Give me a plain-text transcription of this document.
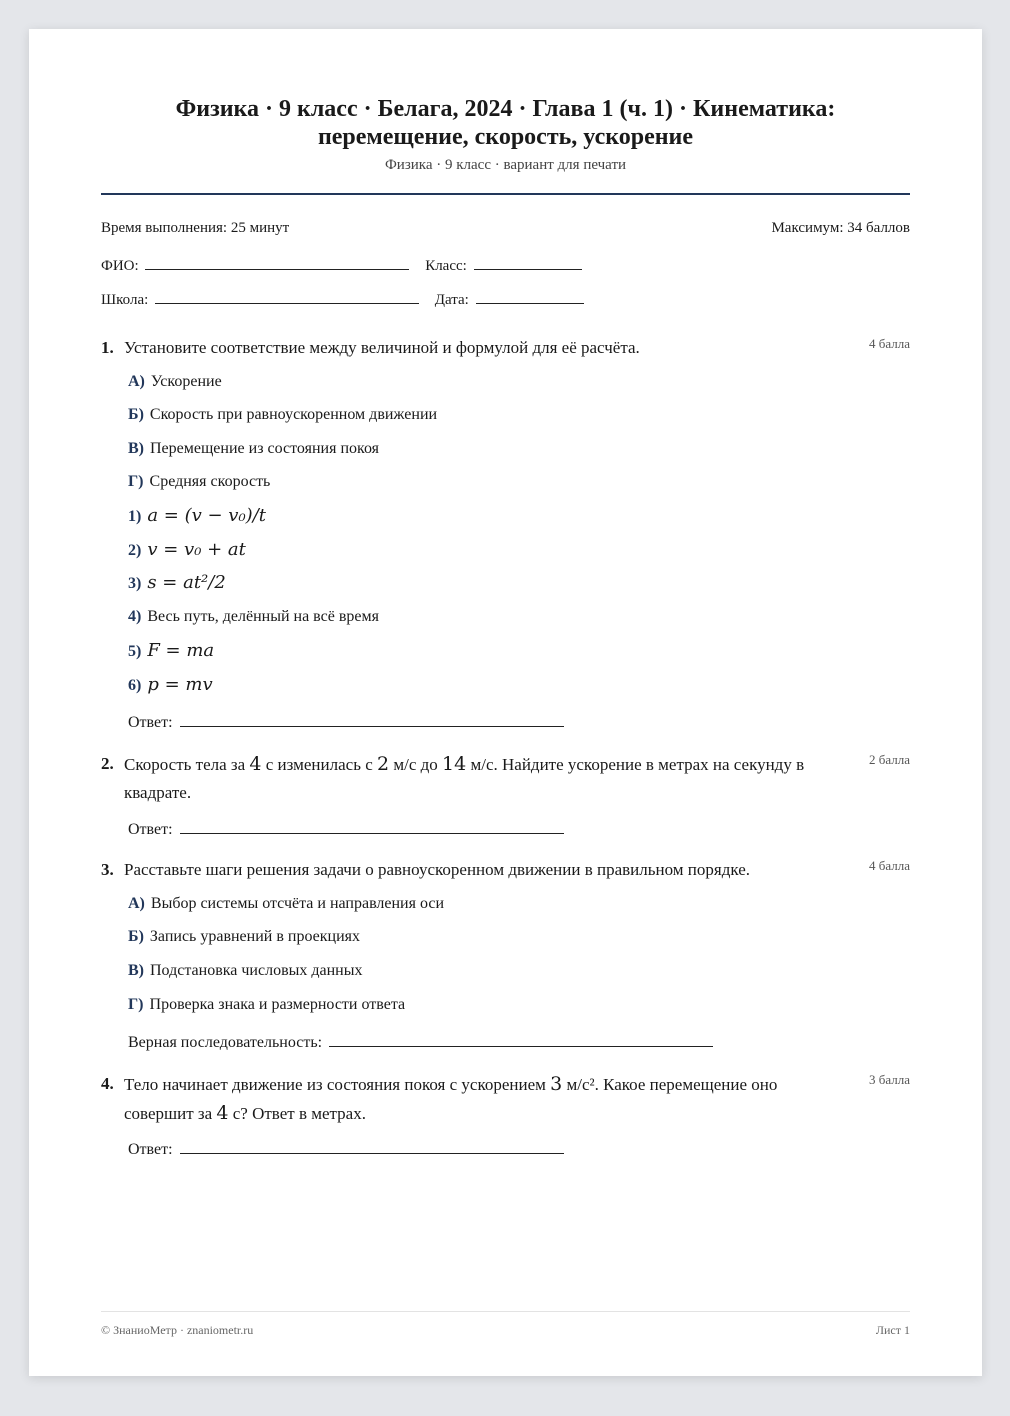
Физика · 9 класс · Белага, 2024 · Глава 1 (ч. 1) · Кинематика:
перемещение, скорость, ускорение
Физика · 9 класс · вариант для печати
Время выполнения: 25 минут	Максимум: 34 баллов
ФИО:	Класс:
Школа:	Дата:
1. Установите соответствие между величиной и формулой для её расчёта.	4 балла
А) Ускорение
Б) Скорость при равноускоренном движении
В) Перемещение из состояния покоя
Г) Средняя скорость
1) a = (v − v₀)/t
2) v = v₀ + at
3) s = at²/2
4) Весь путь, делённый на всё время
5) F = ma
6) p = mv
Ответ:
2. Скорость тела за 4 с изменилась с 2 м/с до 14 м/с. Найдите ускорение в метрах на секунду в квадрате.
2 балла
Ответ:
3. Расставьте шаги решения задачи о равноускоренном движении в правильном порядке.	4 балла
А) Выбор системы отсчёта и направления оси
Б) Запись уравнений в проекциях
В) Подстановка числовых данных
Г) Проверка знака и размерности ответа
Верная последовательность:
4. Тело начинает движение из состояния покоя с ускорением 3 м/с². Какое перемещение оно совершит за 4 с? Ответ в метрах.
3 балла
Ответ:
© ЗнаниоМетр · znaniometr.ru	Лист 1
